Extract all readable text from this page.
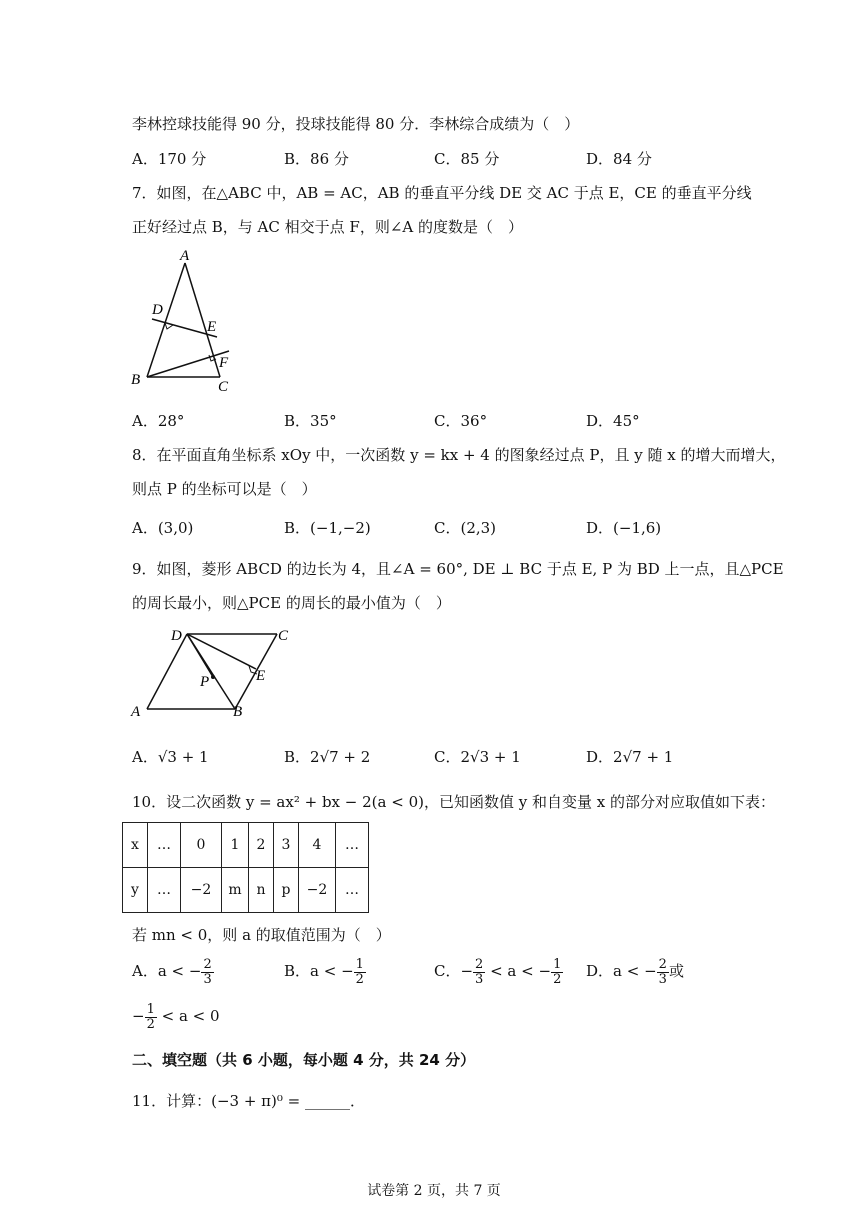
李林控球技能得 90 分，投球技能得 80 分．李林综合成绩为（　）
A．170 分	B．86 分	C．85 分	D．84 分
7．如图，在△ABC 中，AB = AC，AB 的垂直平分线 DE 交 AC 于点 E，CE 的垂直平分线
正好经过点 B，与 AC 相交于点 F，则∠A 的度数是（　）
A
D
E
F
B	C
A．28°	B．35°	C．36°	D．45°
8．在平面直角坐标系 xOy 中，一次函数 y = kx + 4 的图象经过点 P，且 y 随 x 的增大而增大，
则点 P 的坐标可以是（　）
A．(3,0)	B．(−1,−2)	C．(2,3)	D．(−1,6)
9．如图，菱形 ABCD 的边长为 4，且∠A = 60°, DE ⊥ BC 于点 E, P 为 BD 上一点，且△PCE
的周长最小，则△PCE 的周长的最小值为（　）
D	C
E
P
A	B
A．√3 + 1	B．2√7 + 2	C．2√3 + 1	D．2√7 + 1
10．设二次函数 y = ax² + bx − 2(a < 0)，已知函数值 y 和自变量 x 的部分对应取值如下表：
x	…	0	1	2	3	4	…
y	…	−2	m	n	p	−2	…
若 mn < 0，则 a 的取值范围为（　）
A．a < − $\frac{2}{3}$	B．a < − $\frac{1}{2}$	C．− $\frac{2}{3} < a$ < − $\frac{1}{2}$ D．a < − $\frac{2}{3}$ 或
− $\frac{1}{2} < a < 0$
二、填空题（共 6 小题，每小题 4 分，共 24 分）
11．计算：(−3 + π)⁰ = ______．
试卷第 2 页，共 7 页
